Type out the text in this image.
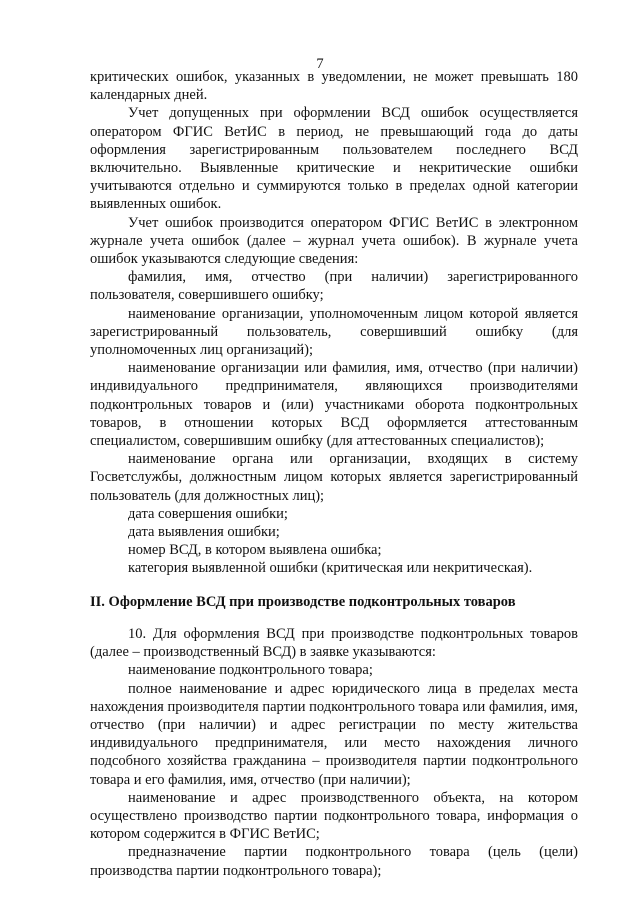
7

критических ошибок, указанных в уведомлении, не может превышать 180 календарных дней.

Учет допущенных при оформлении ВСД ошибок осуществляется оператором ФГИС ВетИС в период, не превышающий года до даты оформления зарегистрированным пользователем последнего ВСД включительно. Выявленные критические и некритические ошибки учитываются отдельно и суммируются только в пределах одной категории выявленных ошибок.

Учет ошибок производится оператором ФГИС ВетИС в электронном журнале учета ошибок (далее – журнал учета ошибок). В журнале учета ошибок указываются следующие сведения:

фамилия, имя, отчество (при наличии) зарегистрированного пользователя, совершившего ошибку;

наименование организации, уполномоченным лицом которой является зарегистрированный пользователь, совершивший ошибку (для уполномоченных лиц организаций);

наименование организации или фамилия, имя, отчество (при наличии) индивидуального предпринимателя, являющихся производителями подконтрольных товаров и (или) участниками оборота подконтрольных товаров, в отношении которых ВСД оформляется аттестованным специалистом, совершившим ошибку (для аттестованных специалистов);

наименование органа или организации, входящих в систему Госветслужбы, должностным лицом которых является зарегистрированный пользователь (для должностных лиц);

дата совершения ошибки;

дата выявления ошибки;

номер ВСД, в котором выявлена ошибка;

категория выявленной ошибки (критическая или некритическая).

II. Оформление ВСД при производстве подконтрольных товаров

10. Для оформления ВСД при производстве подконтрольных товаров (далее – производственный ВСД) в заявке указываются:

наименование подконтрольного товара;

полное наименование и адрес юридического лица в пределах места нахождения производителя партии подконтрольного товара или фамилия, имя, отчество (при наличии) и адрес регистрации по месту жительства индивидуального предпринимателя, или место нахождения личного подсобного хозяйства гражданина – производителя партии подконтрольного товара и его фамилия, имя, отчество (при наличии);

наименование и адрес производственного объекта, на котором осуществлено производство партии подконтрольного товара, информация о котором содержится в ФГИС ВетИС;

предназначение партии подконтрольного товара (цель (цели) производства партии подконтрольного товара);
